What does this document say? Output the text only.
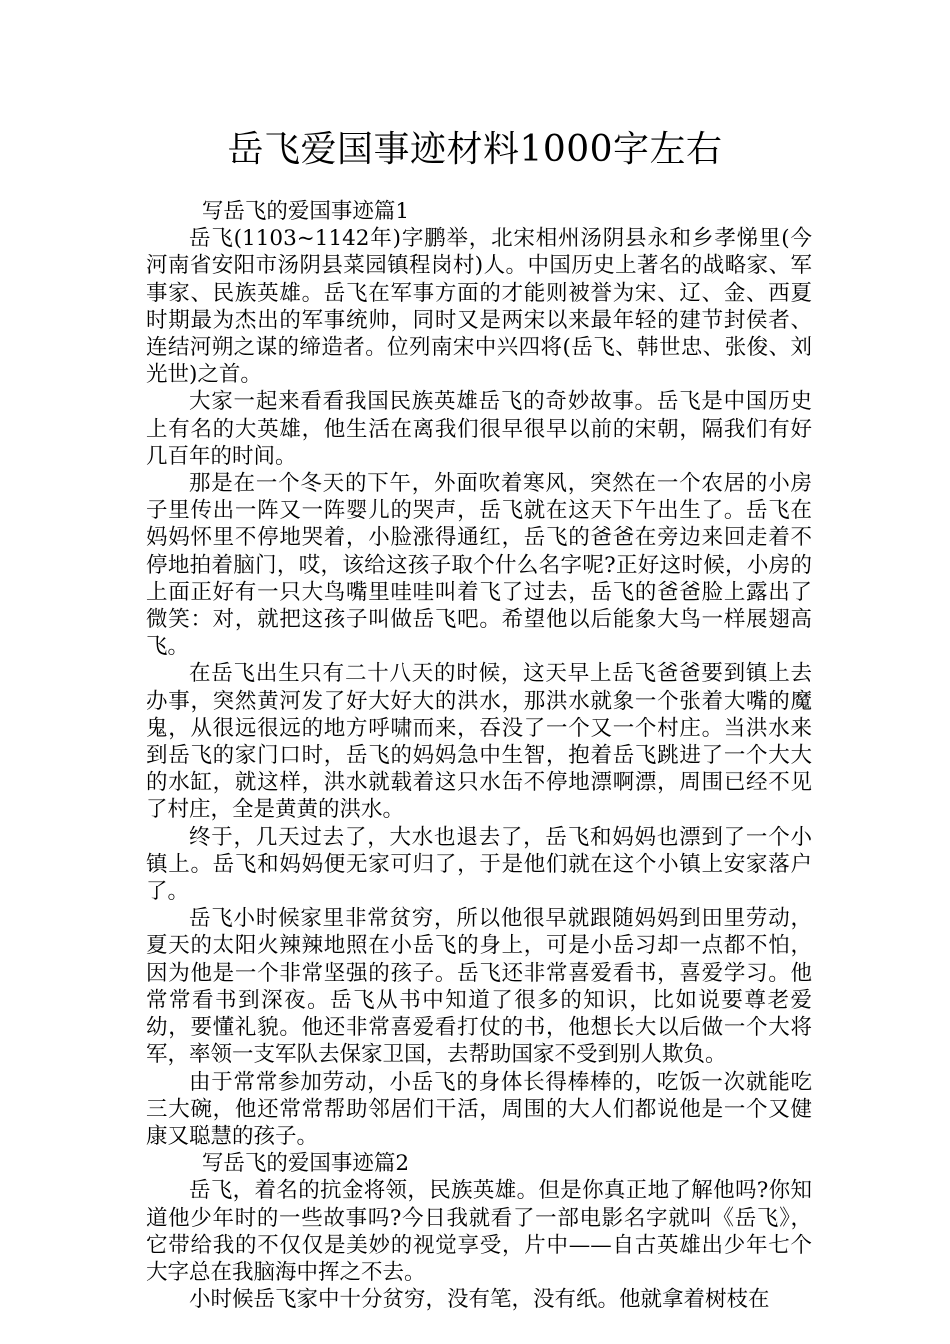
岳飞爱国事迹材料1000字左右

写岳飞的爱国事迹篇1

岳飞(1103~1142年)字鹏举，北宋相州汤阴县永和乡孝悌里(今河南省安阳市汤阴县菜园镇程岗村)人。中国历史上著名的战略家、军事家、民族英雄。岳飞在军事方面的才能则被誉为宋、辽、金、西夏时期最为杰出的军事统帅，同时又是两宋以来最年轻的建节封侯者、连结河朔之谋的缔造者。位列南宋中兴四将(岳飞、韩世忠、张俊、刘光世)之首。

大家一起来看看我国民族英雄岳飞的奇妙故事。岳飞是中国历史上有名的大英雄，他生活在离我们很早很早以前的宋朝，隔我们有好几百年的时间。

那是在一个冬天的下午，外面吹着寒风，突然在一个农居的小房子里传出一阵又一阵婴儿的哭声，岳飞就在这天下午出生了。岳飞在妈妈怀里不停地哭着，小脸涨得通红，岳飞的爸爸在旁边来回走着不停地拍着脑门，哎，该给这孩子取个什么名字呢?正好这时候，小房的上面正好有一只大鸟嘴里哇哇叫着飞了过去，岳飞的爸爸脸上露出了微笑：对，就把这孩子叫做岳飞吧。希望他以后能象大鸟一样展翅高飞。

在岳飞出生只有二十八天的时候，这天早上岳飞爸爸要到镇上去办事，突然黄河发了好大好大的洪水，那洪水就象一个张着大嘴的魔鬼，从很远很远的地方呼啸而来，吞没了一个又一个村庄。当洪水来到岳飞的家门口时，岳飞的妈妈急中生智，抱着岳飞跳进了一个大大的水缸，就这样，洪水就载着这只水缶不停地漂啊漂，周围已经不见了村庄，全是黄黄的洪水。

终于，几天过去了，大水也退去了，岳飞和妈妈也漂到了一个小镇上。岳飞和妈妈便无家可归了，于是他们就在这个小镇上安家落户了。

岳飞小时候家里非常贫穷，所以他很早就跟随妈妈到田里劳动，夏天的太阳火辣辣地照在小岳飞的身上，可是小岳习却一点都不怕，因为他是一个非常坚强的孩子。岳飞还非常喜爱看书，喜爱学习。他常常看书到深夜。岳飞从书中知道了很多的知识，比如说要尊老爱幼，要懂礼貌。他还非常喜爱看打仗的书，他想长大以后做一个大将军，率领一支军队去保家卫国，去帮助国家不受到别人欺负。

由于常常参加劳动，小岳飞的身体长得棒棒的，吃饭一次就能吃三大碗，他还常常帮助邻居们干活，周围的大人们都说他是一个又健康又聪慧的孩子。

写岳飞的爱国事迹篇2

岳飞，着名的抗金将领，民族英雄。但是你真正地了解他吗?你知道他少年时的一些故事吗?今日我就看了一部电影名字就叫《岳飞》，它带给我的不仅仅是美妙的视觉享受，片中——自古英雄出少年七个大字总在我脑海中挥之不去。

小时候岳飞家中十分贫穷，没有笔，没有纸。他就拿着树枝在
